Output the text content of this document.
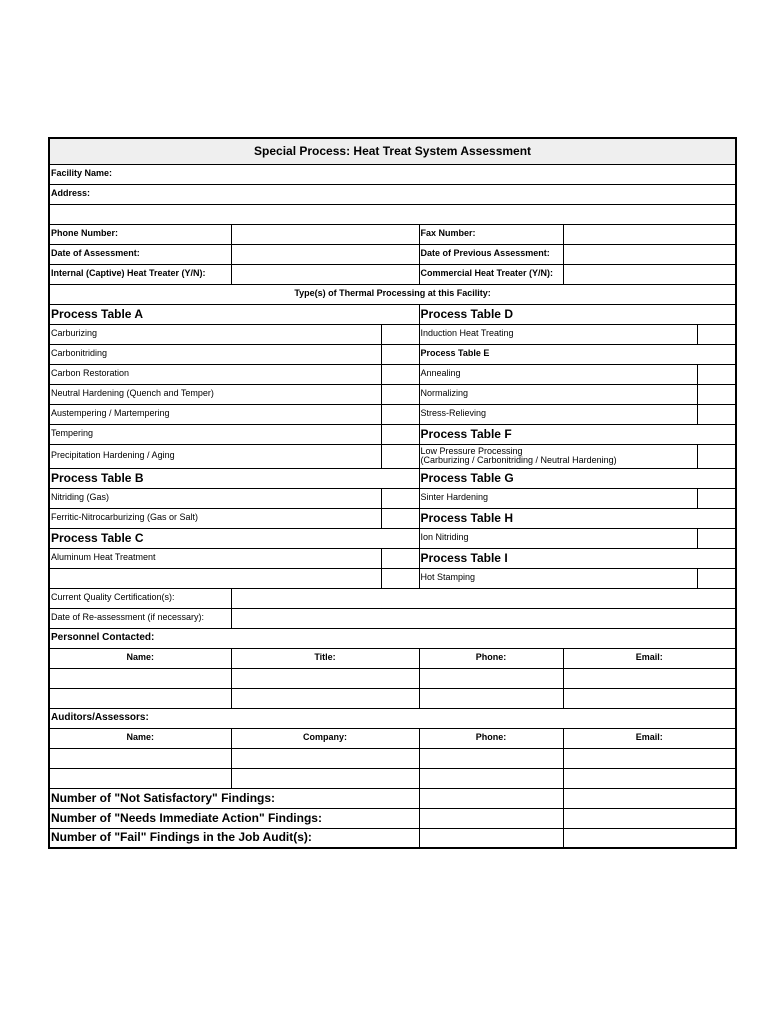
Special Process: Heat Treat System Assessment					
Facility Name:					
Address:					

Phone Number:			Fax Number:		
Date of Assessment:			Date of Previous Assessment:		
Internal (Captive) Heat Treater (Y/N):			Commercial Heat Treater (Y/N):		
Type(s) of Thermal Processing at this Facility:					
Process Table A			Process Table D		
Carburizing			Induction Heat Treating		
Carbonitriding			Process Table E		
Carbon Restoration			Annealing		
Neutral Hardening (Quench and Temper)			Normalizing		
Austempering / Martempering			Stress-Relieving		
Tempering			Process Table F		
Precipitation Hardening / Aging			Low Pressure Processing
(Carburizing / Carbonitriding / Neutral Hardening)		

Process Table B			Process Table G		
Nitriding (Gas)			Sinter Hardening		
Ferritic-Nitrocarburizing (Gas or Salt)			Process Table H		
Process Table C			Ion Nitriding		
Aluminum Heat Treatment			Process Table I		
			Hot Stamping		
Current Quality Certification(s):					
Date of Re-assessment (if necessary):					
Personnel Contacted:					
Name:	Title:		Phone:	Email:	

Auditors/Assessors:					
Name:	Company:		Phone:	Email:	

Number of "Not Satisfactory" Findings:					
Number of "Needs Immediate Action" Findings:					
Number of "Fail" Findings in the Job Audit(s):					
